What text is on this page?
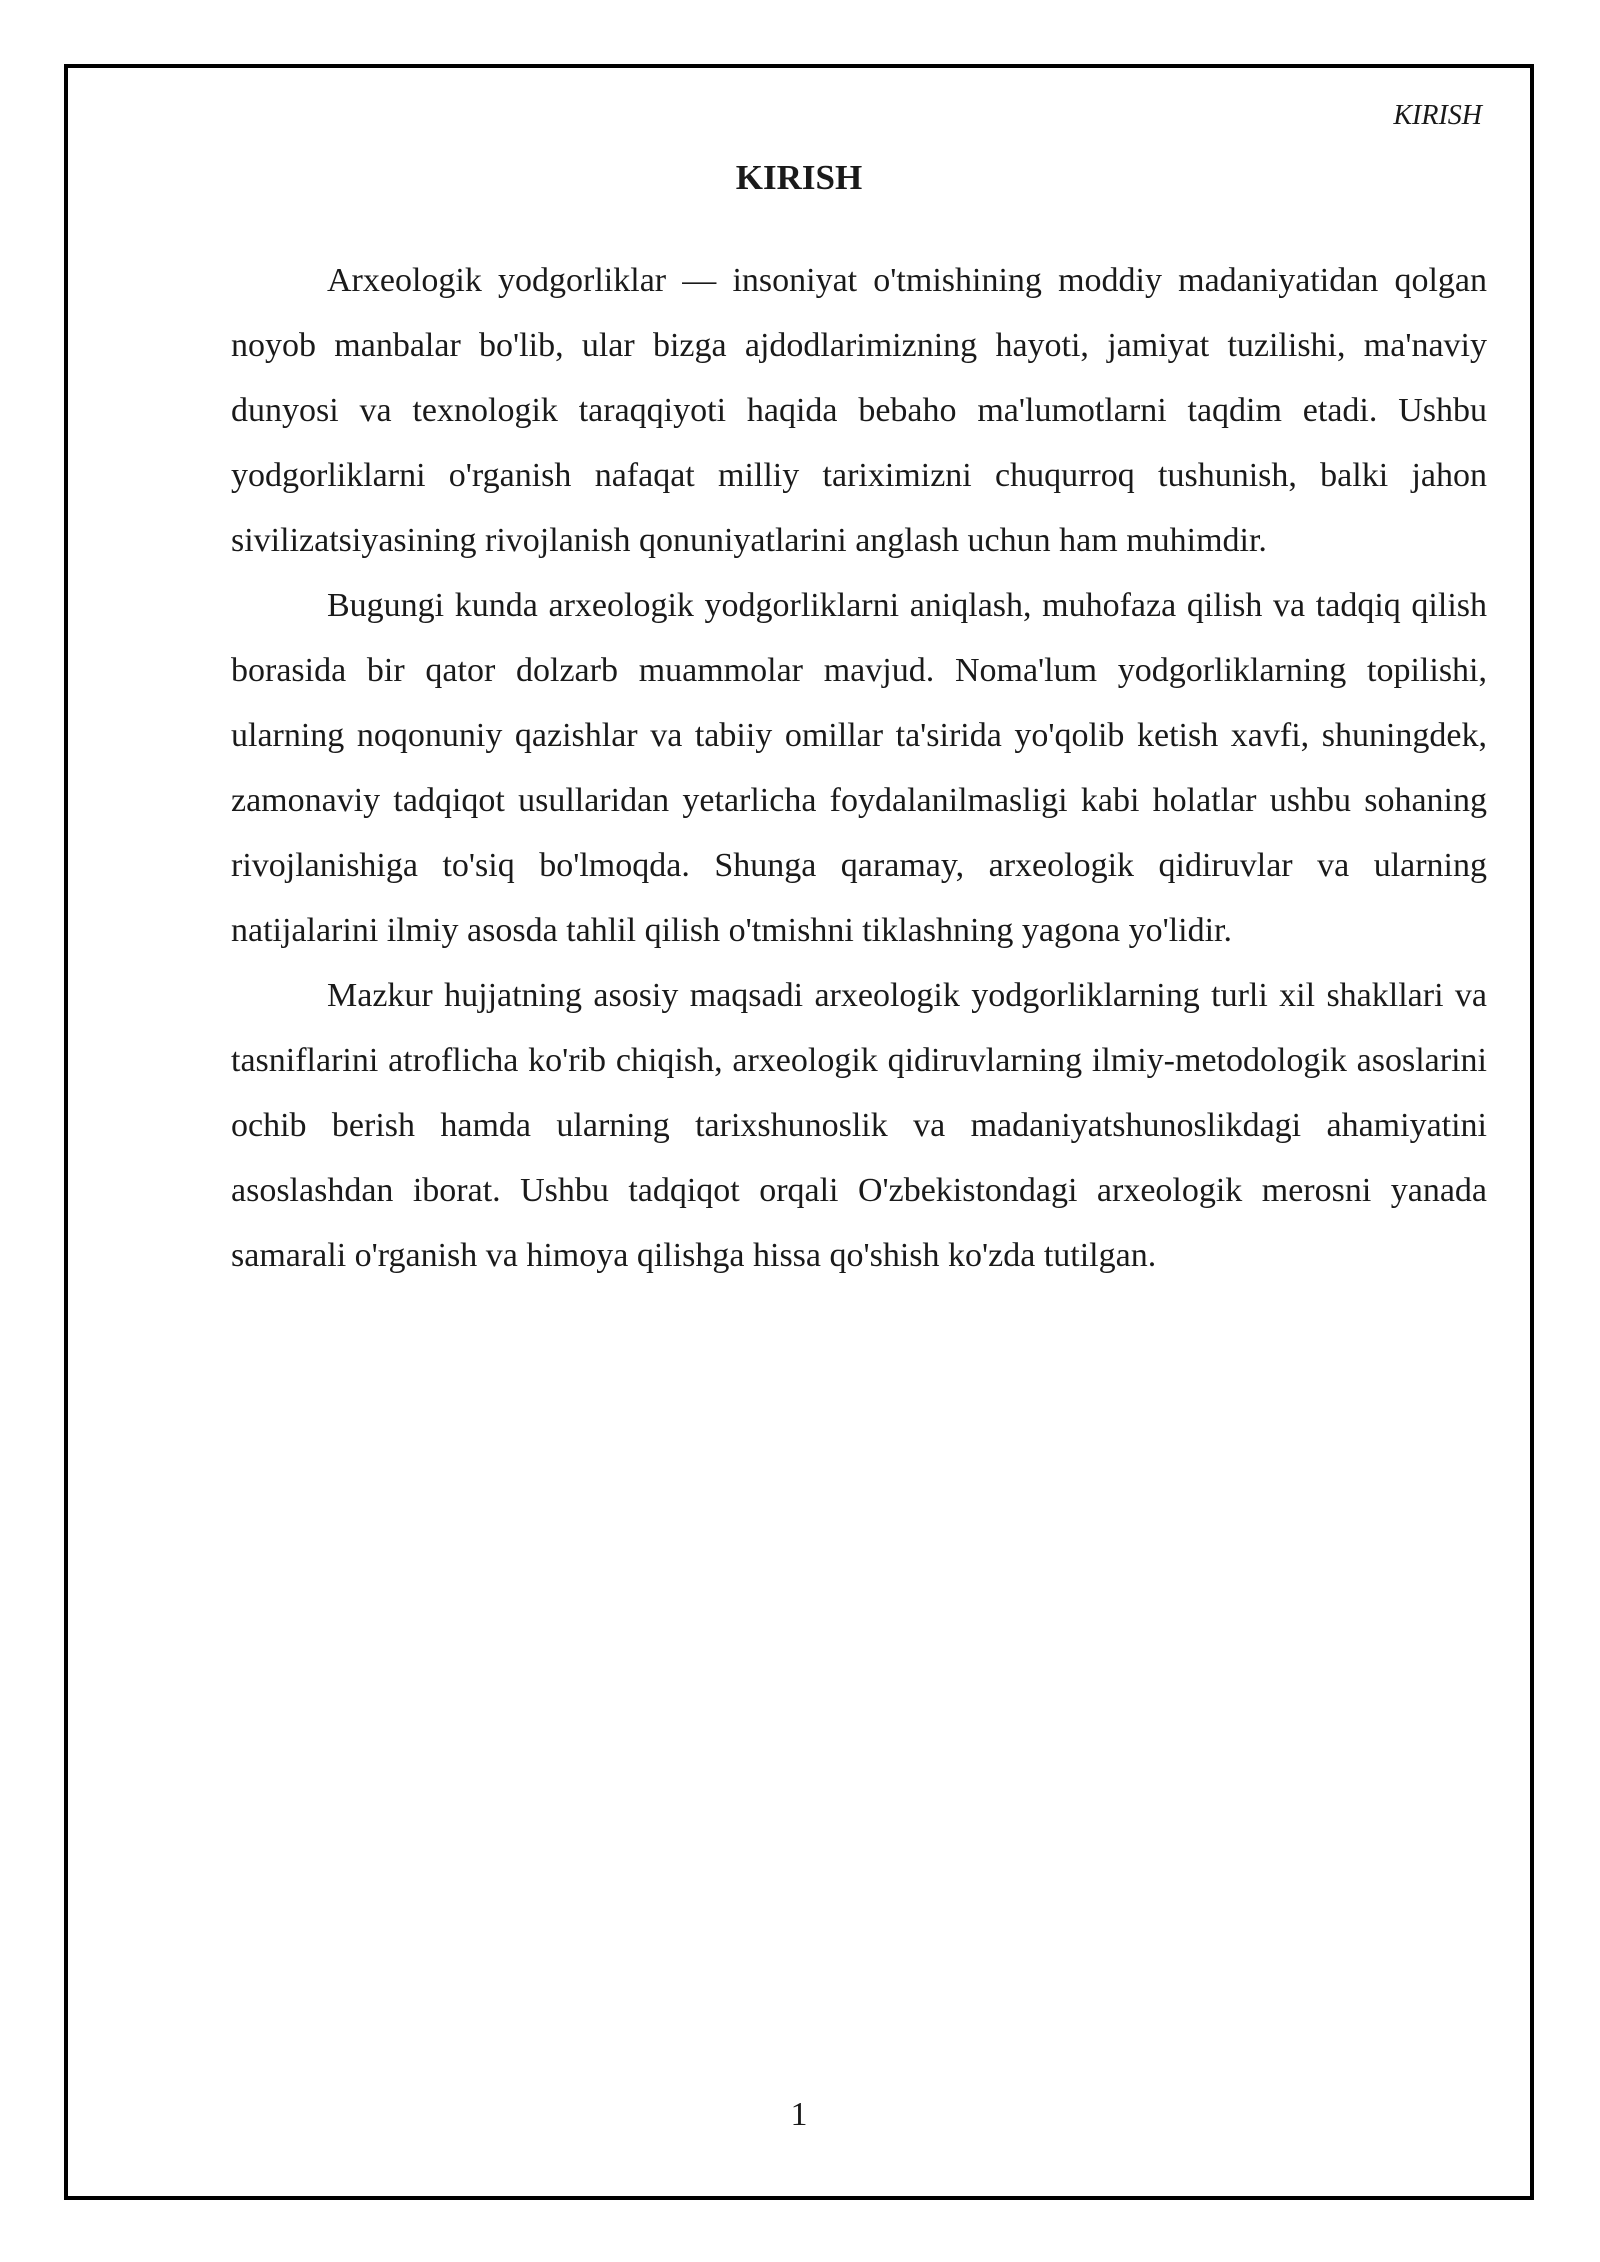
KIRISH
KIRISH

Arxeologik yodgorliklar — insoniyat o'tmishining moddiy madaniyatidan qolgan noyob manbalar bo'lib, ular bizga ajdodlarimizning hayoti, jamiyat tuzilishi, ma'naviy dunyosi va texnologik taraqqiyoti haqida bebaho ma'lumotlarni taqdim etadi. Ushbu yodgorliklarni o'rganish nafaqat milliy tariximizni chuqurroq tushunish, balki jahon sivilizatsiyasining rivojlanish qonuniyatlarini anglash uchun ham muhimdir.

Bugungi kunda arxeologik yodgorliklarni aniqlash, muhofaza qilish va tadqiq qilish borasida bir qator dolzarb muammolar mavjud. Noma'lum yodgorliklarning topilishi, ularning noqonuniy qazishlar va tabiiy omillar ta'sirida yo'qolib ketish xavfi, shuningdek, zamonaviy tadqiqot usullaridan yetarlicha foydalanilmasligi kabi holatlar ushbu sohaning rivojlanishiga to'siq bo'lmoqda. Shunga qaramay, arxeologik qidiruvlar va ularning natijalarini ilmiy asosda tahlil qilish o'tmishni tiklashning yagona yo'lidir.

Mazkur hujjatning asosiy maqsadi arxeologik yodgorliklarning turli xil shakllari va tasniflarini atroflicha ko'rib chiqish, arxeologik qidiruvlarning ilmiy-metodologik asoslarini ochib berish hamda ularning tarixshunoslik va madaniyatshunoslikdagi ahamiyatini asoslashdan iborat. Ushbu tadqiqot orqali O'zbekistondagi arxeologik merosni yanada samarali o'rganish va himoya qilishga hissa qo'shish ko'zda tutilgan.

1
